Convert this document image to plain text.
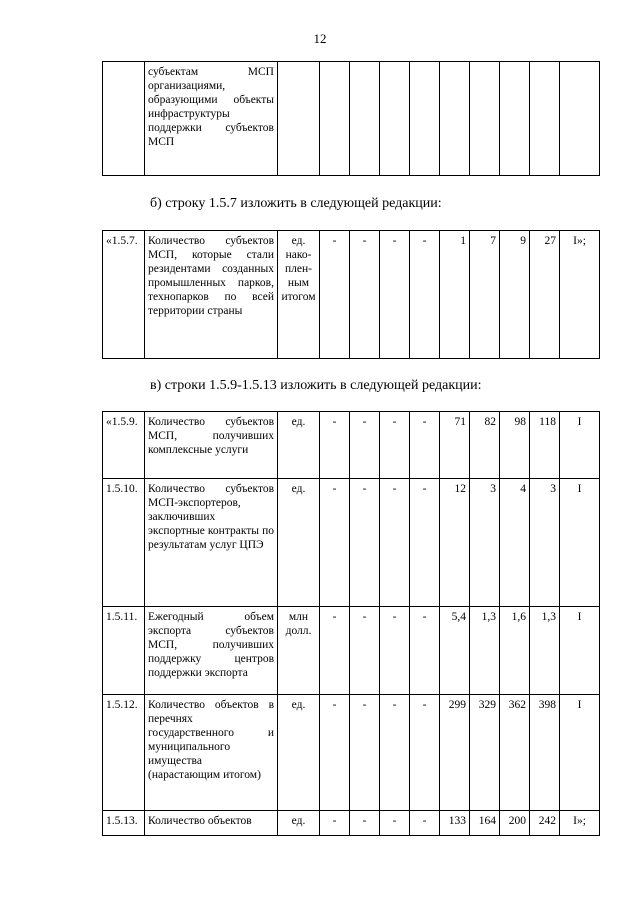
12
	субъектам МСП организациями, образующими объекты инфраструктуры поддержки субъектов МСП										
б) строку 1.5.7 изложить в следующей редакции:
«1.5.7.	Количество субъектов МСП, которые стали резидентами созданных промышленных парков, технопарков по всей территории страны	ед. нако-плен-ным итогом	-	-	-	-	1	7	9	27	I»;
в) строки 1.5.9-1.5.13 изложить в следующей редакции:
«1.5.9.	Количество субъектов МСП, получивших комплексные услуги	ед.	-	-	-	-	71	82	98	118	I
1.5.10.	Количество субъектов МСП-экспортеров, заключивших экспортные контракты по результатам услуг ЦПЭ	ед.	-	-	-	-	12	3	4	3	I
1.5.11.	Ежегодный объем экспорта субъектов МСП, получивших поддержку центров поддержки экспорта	млн долл.	-	-	-	-	5,4	1,3	1,6	1,3	I
1.5.12.	Количество объектов в перечнях государственного и муниципального имущества (нарастающим итогом)	ед.	-	-	-	-	299	329	362	398	I
1.5.13.	Количество объектов	ед.	-	-	-	-	133	164	200	242	I»;
